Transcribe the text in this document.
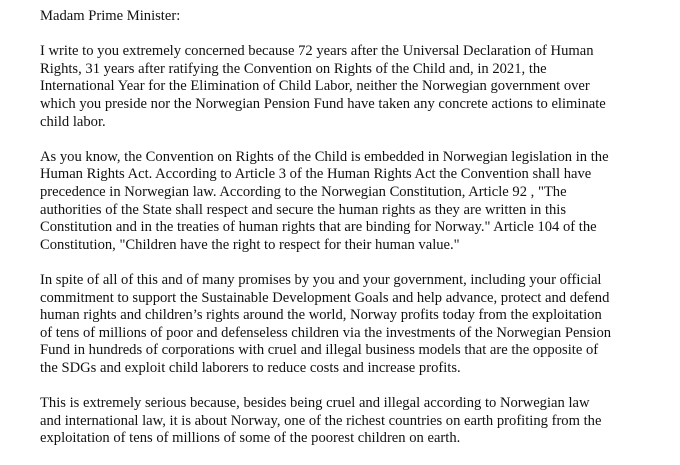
Madam Prime Minister:

I write to you extremely concerned because 72 years after the Universal Declaration of Human
Rights, 31 years after ratifying the Convention on Rights of the Child and, in 2021, the
International Year for the Elimination of Child Labor, neither the Norwegian government over
which you preside nor the Norwegian Pension Fund have taken any concrete actions to eliminate
child labor.

As you know, the Convention on Rights of the Child is embedded in Norwegian legislation in the
Human Rights Act. According to Article 3 of the Human Rights Act the Convention shall have
precedence in Norwegian law. According to the Norwegian Constitution, Article 92 , "The
authorities of the State shall respect and secure the human rights as they are written in this
Constitution and in the treaties of human rights that are binding for Norway." Article 104 of the
Constitution, "Children have the right to respect for their human value."

In spite of all of this and of many promises by you and your government, including your official
commitment to support the Sustainable Development Goals and help advance, protect and defend
human rights and children’s rights around the world, Norway profits today from the exploitation
of tens of millions of poor and defenseless children via the investments of the Norwegian Pension
Fund in hundreds of corporations with cruel and illegal business models that are the opposite of
the SDGs and exploit child laborers to reduce costs and increase profits.

This is extremely serious because, besides being cruel and illegal according to Norwegian law
and international law, it is about Norway, one of the richest countries on earth profiting from the
exploitation of tens of millions of some of the poorest children on earth.
